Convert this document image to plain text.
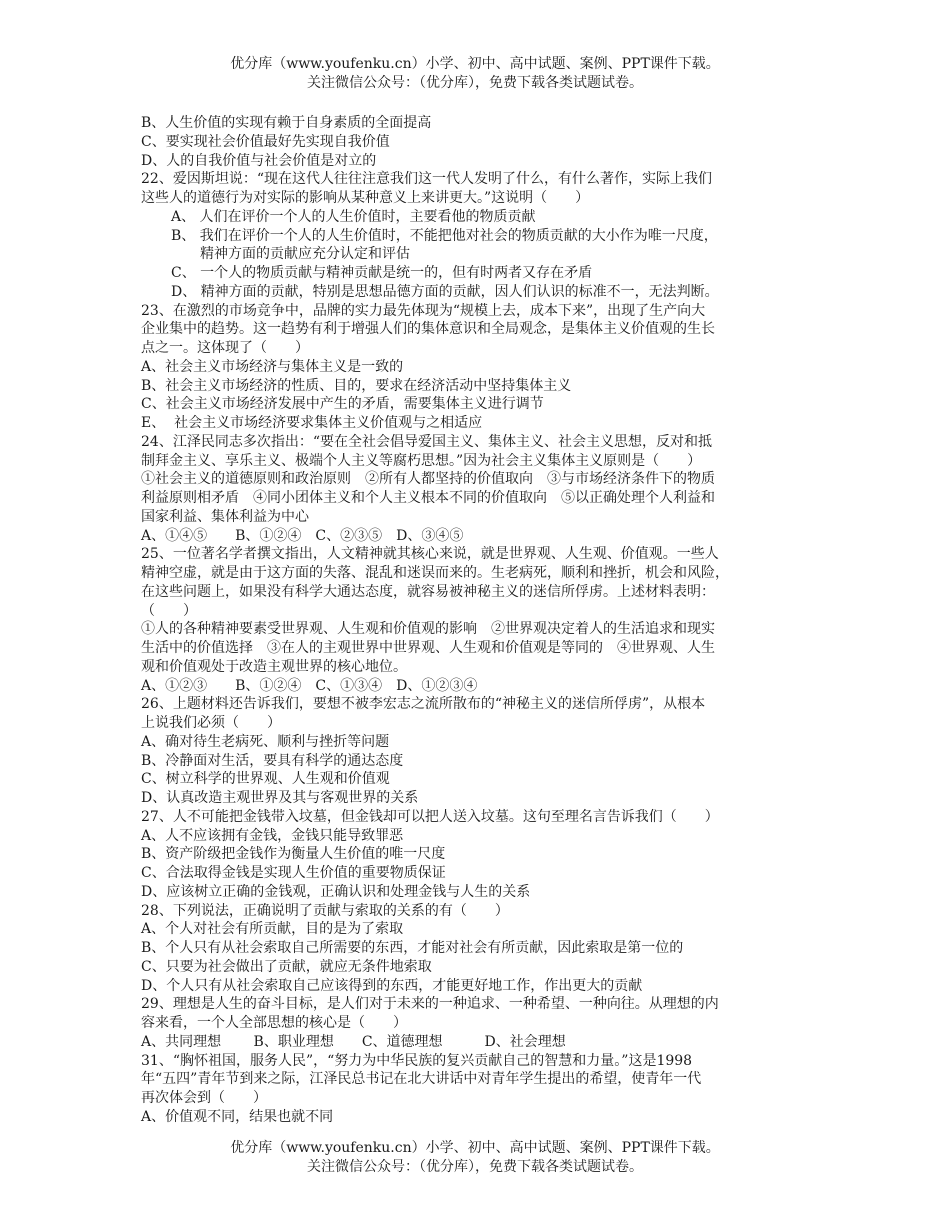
优分库（www.youfenku.cn）小学、初中、高中试题、案例、PPT课件下载。

关注微信公众号：（优分库），免费下载各类试题试卷。

B、人生价值的实现有赖于自身素质的全面提高

C、要实现社会价值最好先实现自我价值

D、人的自我价值与社会价值是对立的

22、爱因斯坦说：“现在这代人往往注意我们这一代人发明了什么，有什么著作，实际上我们

这些人的道德行为对实际的影响从某种意义上来讲更大。”这说明（　　）

A、 人们在评价一个人的人生价值时，主要看他的物质贡献

B、 我们在评价一个人的人生价值时，不能把他对社会的物质贡献的大小作为唯一尺度，

精神方面的贡献应充分认定和评估

C、 一个人的物质贡献与精神贡献是统一的，但有时两者又存在矛盾

D、 精神方面的贡献，特别是思想品德方面的贡献，因人们认识的标准不一，无法判断。

23、在激烈的市场竞争中，品牌的实力最先体现为“规模上去，成本下来”，出现了生产向大

企业集中的趋势。这一趋势有利于增强人们的集体意识和全局观念，是集体主义价值观的生长

点之一。这体现了（　　）

A、社会主义市场经济与集体主义是一致的

B、社会主义市场经济的性质、目的，要求在经济活动中坚持集体主义

C、社会主义市场经济发展中产生的矛盾，需要集体主义进行调节

E、  社会主义市场经济要求集体主义价值观与之相适应

24、江泽民同志多次指出：“要在全社会倡导爱国主义、集体主义、社会主义思想，反对和抵

制拜金主义、享乐主义、极端个人主义等腐朽思想。”因为社会主义集体主义原则是（　　）

①社会主义的道德原则和政治原则　②所有人都坚持的价值取向　③与市场经济条件下的物质

利益原则相矛盾　④同小团体主义和个人主义根本不同的价值取向　⑤以正确处理个人利益和

国家利益、集体利益为中心

A、①④⑤　　B、①②④　C、②③⑤　D、③④⑤

25、一位著名学者撰文指出，人文精神就其核心来说，就是世界观、人生观、价值观。一些人

精神空虚，就是由于这方面的失落、混乱和迷误而来的。生老病死，顺利和挫折，机会和风险，

在这些问题上，如果没有科学大通达态度，就容易被神秘主义的迷信所俘虏。上述材料表明：

（　　）

①人的各种精神要素受世界观、人生观和价值观的影响　②世界观决定着人的生活追求和现实

生活中的价值选择　③在人的主观世界中世界观、人生观和价值观是等同的　④世界观、人生

观和价值观处于改造主观世界的核心地位。

A、①②③　　B、①②④　C、①③④　D、①②③④

26、上题材料还告诉我们，要想不被李宏志之流所散布的“神秘主义的迷信所俘虏”，从根本

上说我们必须（　　）

A、确对待生老病死、顺利与挫折等问题

B、冷静面对生活，要具有科学的通达态度

C、树立科学的世界观、人生观和价值观

D、认真改造主观世界及其与客观世界的关系

27、人不可能把金钱带入坟墓，但金钱却可以把人送入坟墓。这句至理名言告诉我们（　　）

A、人不应该拥有金钱，金钱只能导致罪恶

B、资产阶级把金钱作为衡量人生价值的唯一尺度

C、合法取得金钱是实现人生价值的重要物质保证

D、应该树立正确的金钱观，正确认识和处理金钱与人生的关系

28、下列说法，正确说明了贡献与索取的关系的有（　　）

A、个人对社会有所贡献，目的是为了索取

B、个人只有从社会索取自己所需要的东西，才能对社会有所贡献，因此索取是第一位的

C、只要为社会做出了贡献，就应无条件地索取

D、个人只有从社会索取自己应该得到的东西，才能更好地工作，作出更大的贡献

29、理想是人生的奋斗目标，是人们对于未来的一种追求、一种希望、一种向往。从理想的内

容来看，一个人全部思想的核心是（　　）

A、共同理想　　 B、职业理想　　C、道德理想　　　D、社会理想

31、“胸怀祖国，服务人民”，“努力为中华民族的复兴贡献自己的智慧和力量。”这是1998

年“五四”青年节到来之际，江泽民总书记在北大讲话中对青年学生提出的希望，使青年一代

再次体会到（　　）

A、价值观不同，结果也就不同

优分库（www.youfenku.cn）小学、初中、高中试题、案例、PPT课件下载。

关注微信公众号：（优分库），免费下载各类试题试卷。
